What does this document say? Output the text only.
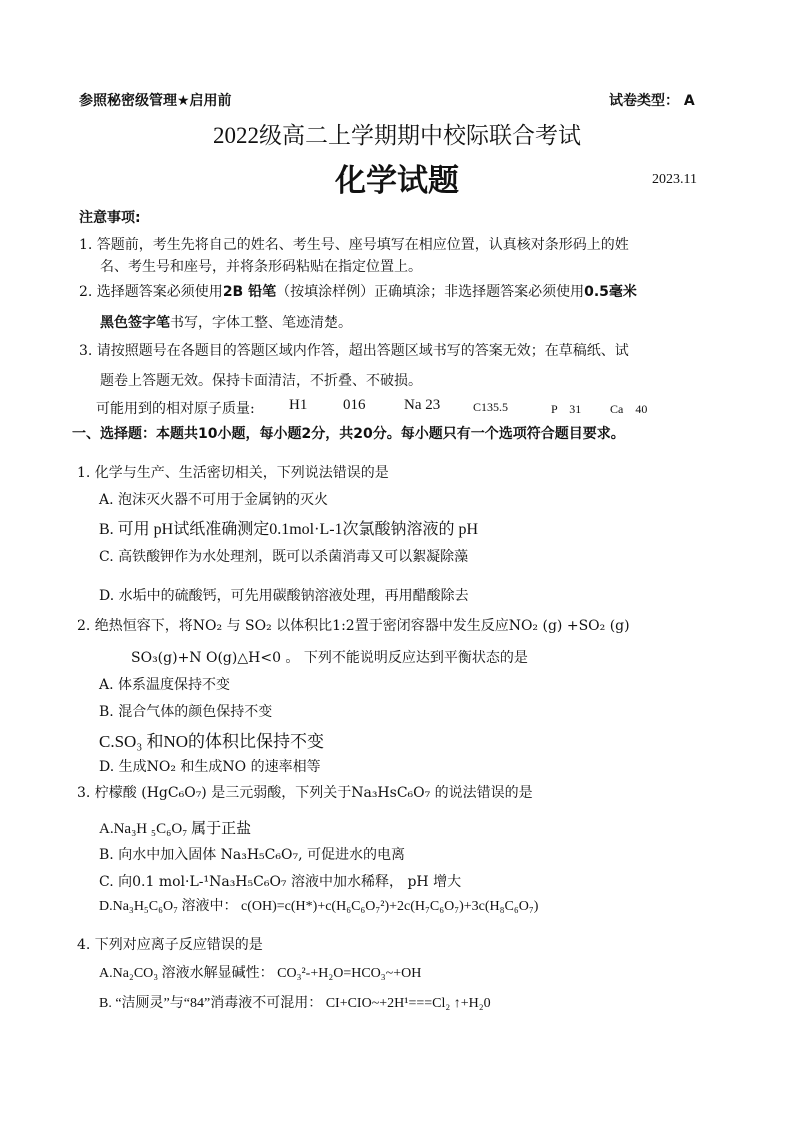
参照秘密级管理★启用前	试卷类型： A
2022级高二上学期期中校际联合考试
化学试题	2023.11
注意事项:
1. 答题前，考生先将自己的姓名、考生号、座号填写在相应位置，认真核对条形码上的姓
名、考生号和座号，并将条形码粘贴在指定位置上。
2. 选择题答案必须使用2B 铅笔（按填涂样例）正确填涂；非选择题答案必须使用0.5毫米
黑色签字笔书写，字体工整、笔迹清楚。
3. 请按照题号在各题目的答题区域内作答，超出答题区域书写的答案无效；在草稿纸、试
题卷上答题无效。保持卡面清洁，不折叠、不破损。
可能用到的相对原子质量: H1 016	Na 23	C135.5	P　31 Ca　40
一、选择题：本题共10小题，每小题2分，共20分。每小题只有一个选项符合题目要求。
1. 化学与生产、生活密切相关，下列说法错误的是
A. 泡沫灭火器不可用于金属钠的灭火
B. 可用 pH试纸准确测定0.1mol·L-1次氯酸钠溶液的 pH
C. 高铁酸钾作为水处理剂，既可以杀菌消毒又可以絮凝除藻
D. 水垢中的硫酸钙，可先用碳酸钠溶液处理，再用醋酸除去
2. 绝热恒容下，将NO₂ 与 SO₂ 以体积比1:2置于密闭容器中发生反应NO₂ (g) +SO₂ (g)
SO₃(g)+N O(g)△H<0 。 下列不能说明反应达到平衡状态的是
A. 体系温度保持不变
B. 混合气体的颜色保持不变
C.SO₃ 和NO的体积比保持不变
D. 生成NO₂ 和生成NO 的速率相等
3. 柠檬酸 (HgC₆O₇) 是三元弱酸，下列关于Na₃HsC₆O₇ 的说法错误的是
A.Na₃H ₅C₆O₇ 属于正盐
B. 向水中加入固体 Na₃H₅C₆O₇, 可促进水的电离
C. 向0.1 mol·L-¹Na₃H₅C₆O₇ 溶液中加水稀释， pH 增大
D.Na₃H₅C₆O₇ 溶液中： c(OH)=c(H*)+c(H₆C₆O₇²)+2c(H₇C₆O₇)+3c(H₈C₆O₇)
4. 下列对应离子反应错误的是
A.Na₂CO₃ 溶液水解显碱性： CO₃²-+H₂O=HCO₃~+OH
B. “洁厕灵”与“84”消毒液不可混用： CI+CIO~+2H¹===Cl₂ ↑+H₂0
